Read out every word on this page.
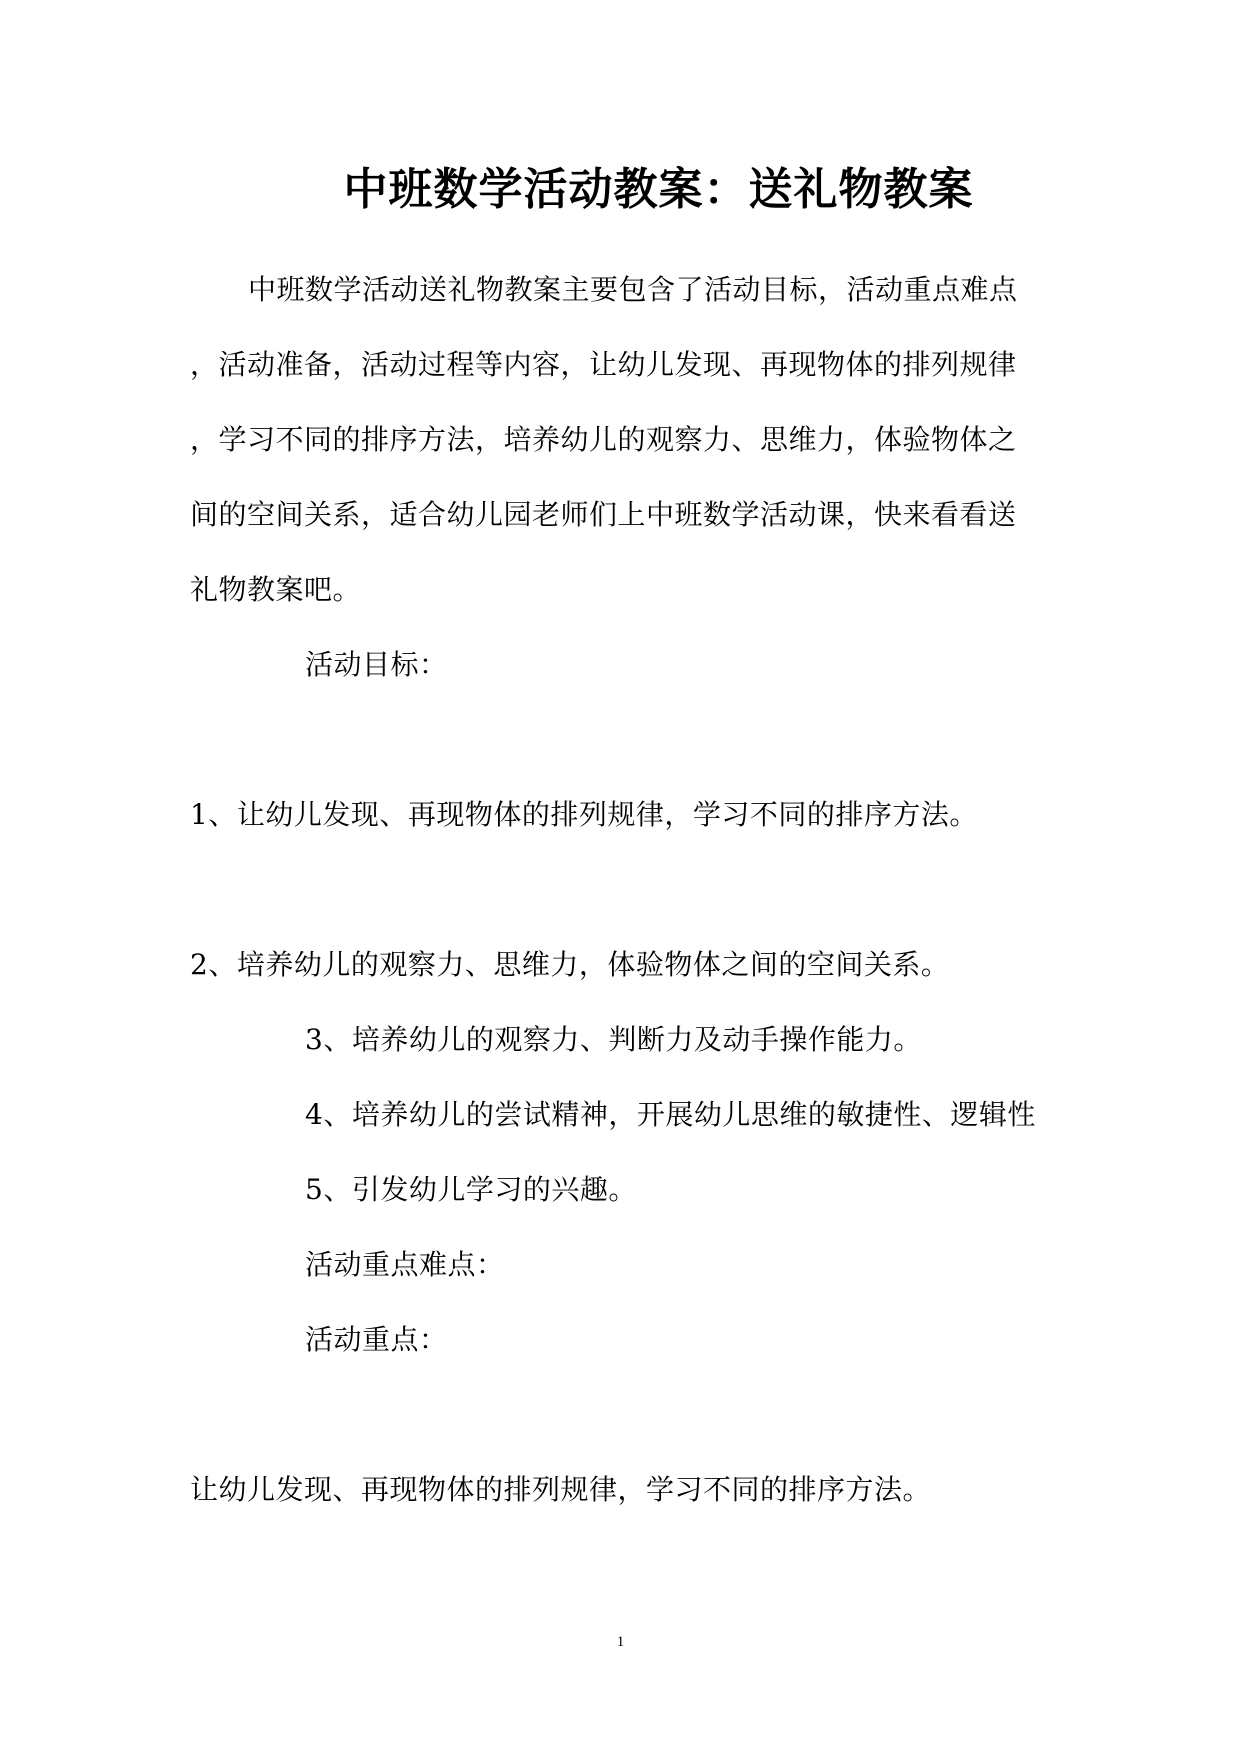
中班数学活动教案：送礼物教案
中班数学活动送礼物教案主要包含了活动目标，活动重点难点
，活动准备，活动过程等内容，让幼儿发现、再现物体的排列规律
，学习不同的排序方法，培养幼儿的观察力、思维力，体验物体之
间的空间关系，适合幼儿园老师们上中班数学活动课，快来看看送
礼物教案吧。
活动目标：
1、让幼儿发现、再现物体的排列规律，学习不同的排序方法。
2、培养幼儿的观察力、思维力，体验物体之间的空间关系。
3、培养幼儿的观察力、判断力及动手操作能力。
4、培养幼儿的尝试精神，开展幼儿思维的敏捷性、逻辑性
5、引发幼儿学习的兴趣。
活动重点难点：
活动重点：
让幼儿发现、再现物体的排列规律，学习不同的排序方法。
1
